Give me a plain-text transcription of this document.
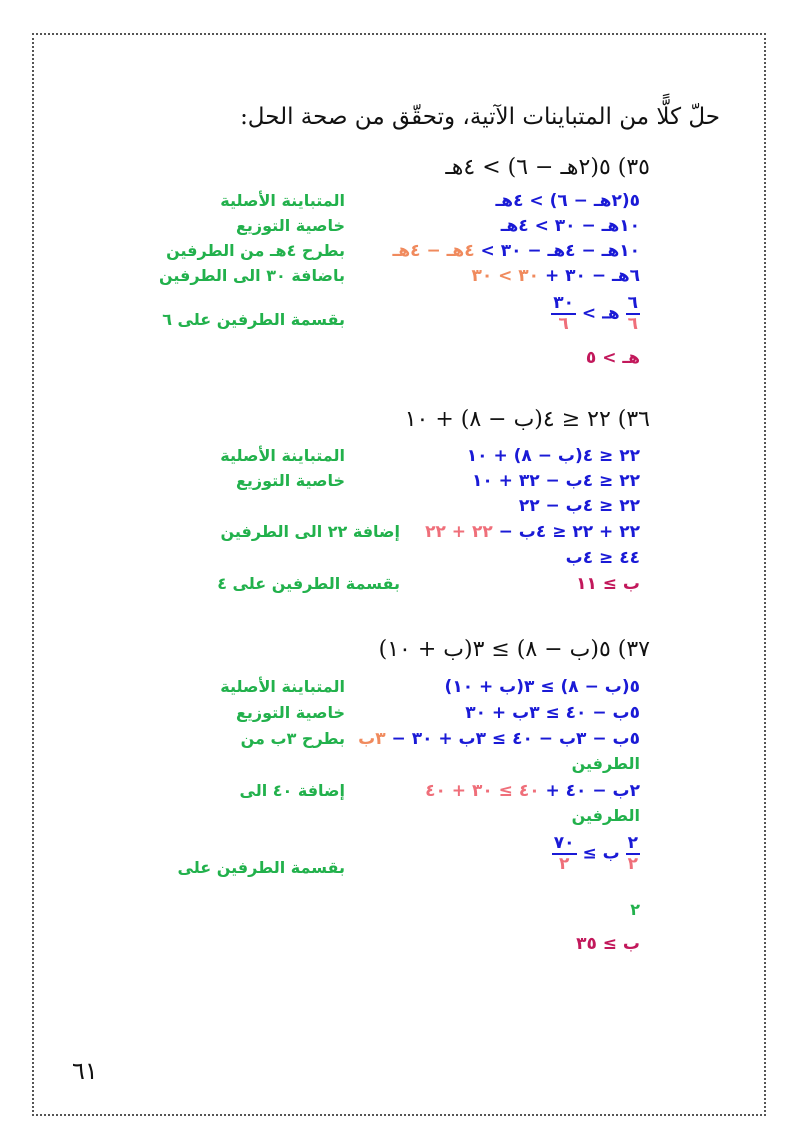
حلّ كلًّا من المتباينات الآتية، وتحقّق من صحة الحل:
٣٥) ٥(٢هـ − ٦) > ٤هـ
٥(٢هـ − ٦) > ٤هـ
١٠هـ − ٣٠ > ٤هـ
١٠هـ − ٤هـ − ٣٠ > ٤هـ − ٤هـ
٦هـ − ٣٠ + ٣٠ > ٣٠
$\frac{٦}{٦}$
هـ >
$\frac{٣٠}{٦}$
هـ > ٥
المتباينة الأصلية
خاصية التوزيع
بطرح ٤هـ من الطرفين
باضافة ٣٠ الى الطرفين
بقسمة الطرفين على ٦
٣٦) ٢٢ ≤ ٤(ب − ٨) + ١٠
٢٢ ≤ ٤(ب − ٨) + ١٠
٢٢ ≤ ٤ب − ٣٢ + ١٠
٢٢ ≤ ٤ب − ٢٢
٢٢ + ٢٢ ≤ ٤ب − ٢٢ + ٢٢
٤٤ ≤ ٤ب
ب ≥ ١١
المتباينة الأصلية
خاصية التوزيع
إضافة ٢٢ الى الطرفين
بقسمة الطرفين على ٤
٣٧) ٥(ب − ٨) ≥ ٣(ب + ١٠)
٥(ب − ٨) ≥ ٣(ب + ١٠)
٥ب − ٤٠ ≥ ٣ب + ٣٠
٥ب − ٣ب − ٤٠ ≥ ٣ب + ٣٠ − ٣ب
الطرفين
٢ب − ٤٠ + ٤٠ ≥ ٣٠ + ٤٠
الطرفين
$\frac{٢}{٢}$
ب ≥
$\frac{٧٠}{٢}$
٢
ب ≥ ٣٥
المتباينة الأصلية
خاصية التوزيع
بطرح ٣ب من
إضافة ٤٠ الى
بقسمة الطرفين على
٦١
